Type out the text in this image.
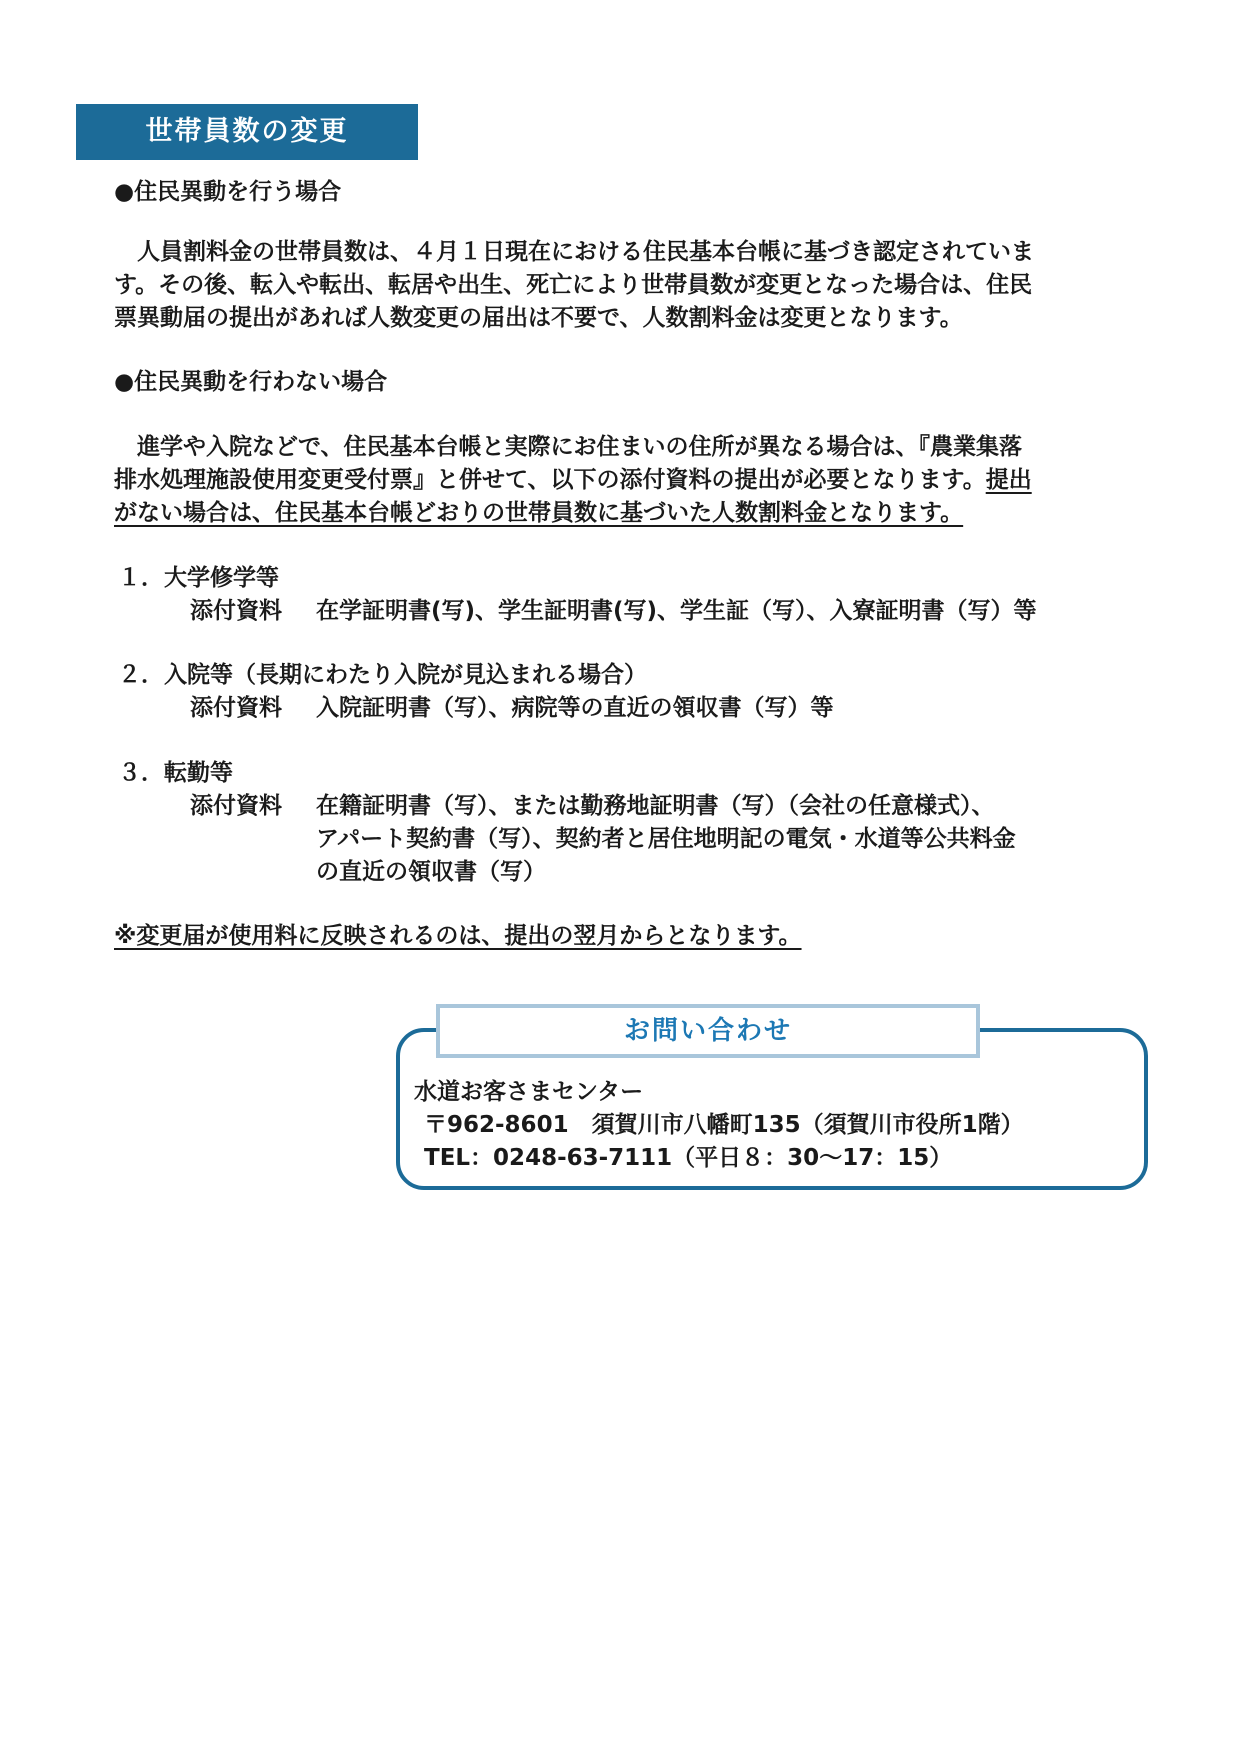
世帯員数の変更
●住民異動を行う場合
　人員割料金の世帯員数は、４月１日現在における住民基本台帳に基づき認定されていま
す。その後、転入や転出、転居や出生、死亡により世帯員数が変更となった場合は、住民
票異動届の提出があれば人数変更の届出は不要で、人数割料金は変更となります。
●住民異動を行わない場合
　進学や入院などで、住民基本台帳と実際にお住まいの住所が異なる場合は、『農業集落
排水処理施設使用変更受付票』と併せて、以下の添付資料の提出が必要となります。提出
がない場合は、住民基本台帳どおりの世帯員数に基づいた人数割料金となります。
１．大学修学等
添付資料 在学証明書(写)、学生証明書(写)、学生証（写）、入寮証明書（写）等
２．入院等（長期にわたり入院が見込まれる場合）
添付資料 入院証明書（写）、病院等の直近の領収書（写）等
３．転勤等
添付資料 在籍証明書（写）、または勤務地証明書（写）（会社の任意様式）、
アパート契約書（写）、契約者と居住地明記の電気・水道等公共料金
の直近の領収書（写）
※変更届が使用料に反映されるのは、提出の翌月からとなります。
お問い合わせ
水道お客さまセンター
〒962-8601　須賀川市八幡町135（須賀川市役所1階）
TEL：0248-63-7111（平日８：30～17：15）
